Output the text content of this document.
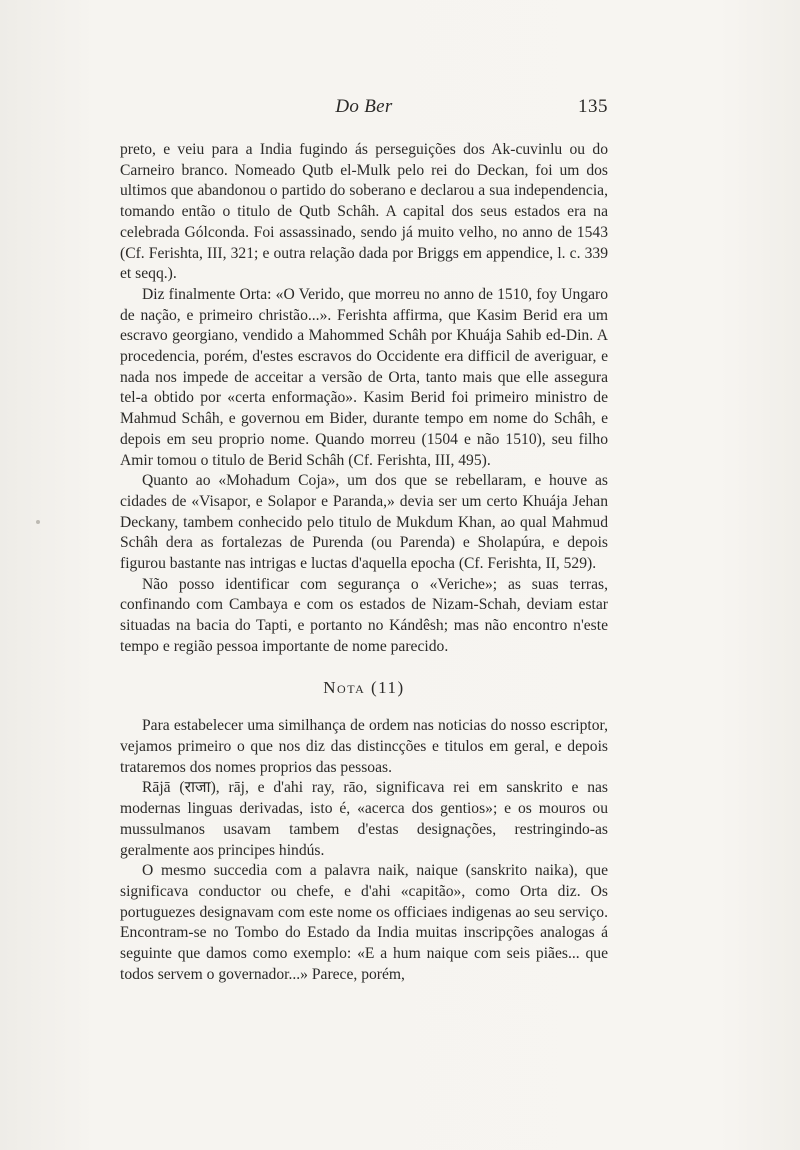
Do Ber	135

preto, e veiu para a India fugindo ás perseguições dos Ak-cuvinlu ou do Carneiro branco. Nomeado Qutb el-Mulk pelo rei do Deckan, foi um dos ultimos que abandonou o partido do soberano e declarou a sua independencia, tomando então o titulo de Qutb Schâh. A capital dos seus estados era na celebrada Gólconda. Foi assassinado, sendo já muito velho, no anno de 1543 (Cf. Ferishta, III, 321; e outra relação dada por Briggs em appendice, l. c. 339 et seqq.).

Diz finalmente Orta: «O Verido, que morreu no anno de 1510, foy Ungaro de nação, e primeiro christão...». Ferishta affirma, que Kasim Berid era um escravo georgiano, vendido a Mahommed Schâh por Khuája Sahib ed-Din. A procedencia, porém, d'estes escravos do Occidente era difficil de averiguar, e nada nos impede de acceitar a versão de Orta, tanto mais que elle assegura tel-a obtido por «certa enformação». Kasim Berid foi primeiro ministro de Mahmud Schâh, e governou em Bider, durante tempo em nome do Schâh, e depois em seu proprio nome. Quando morreu (1504 e não 1510), seu filho Amir tomou o titulo de Berid Schâh (Cf. Ferishta, III, 495).

Quanto ao «Mohadum Coja», um dos que se rebellaram, e houve as cidades de «Visapor, e Solapor e Paranda,» devia ser um certo Khuája Jehan Deckany, tambem conhecido pelo titulo de Mukdum Khan, ao qual Mahmud Schâh dera as fortalezas de Purenda (ou Parenda) e Sholapúra, e depois figurou bastante nas intrigas e luctas d'aquella epocha (Cf. Ferishta, II, 529).

Não posso identificar com segurança o «Veriche»; as suas terras, confinando com Cambaya e com os estados de Nizam-Schah, deviam estar situadas na bacia do Tapti, e portanto no Kándêsh; mas não encontro n'este tempo e região pessoa importante de nome parecido.

Nota (11)

Para estabelecer uma similhança de ordem nas noticias do nosso escriptor, vejamos primeiro o que nos diz das distincções e titulos em geral, e depois trataremos dos nomes proprios das pessoas.

Rājā (राजा), rāj, e d'ahi ray, rāo, significava rei em sanskrito e nas modernas linguas derivadas, isto é, «acerca dos gentios»; e os mouros ou mussulmanos usavam tambem d'estas designações, restringindo-as geralmente aos principes hindús.

O mesmo succedia com a palavra naik, naique (sanskrito naika), que significava conductor ou chefe, e d'ahi «capitão», como Orta diz. Os portuguezes designavam com este nome os officiaes indigenas ao seu serviço. Encontram-se no Tombo do Estado da India muitas inscripções analogas á seguinte que damos como exemplo: «E a hum naique com seis piães... que todos servem o governador...» Parece, porém,
